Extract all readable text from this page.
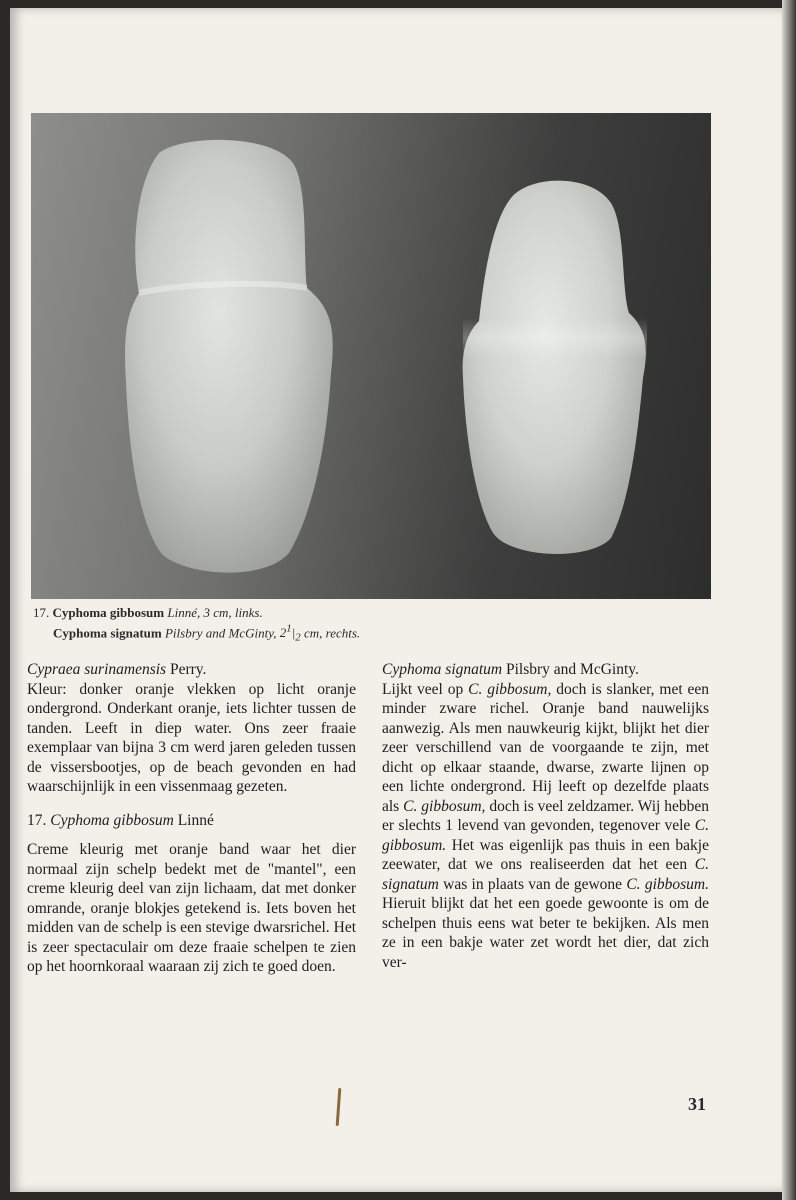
17. Cyphoma gibbosum Linné, 3 cm, links.
Cyphoma signatum Pilsbry and McGinty, $2^1|_2$ cm, rechts.

Cypraea surinamensis Perry.

Kleur: donker oranje vlekken op licht oranje ondergrond. Onderkant oranje, iets lichter tussen de tanden. Leeft in diep water. Ons zeer fraaie exemplaar van bijna 3 cm werd jaren geleden tussen de vissersbootjes, op de beach gevonden en had waarschijnlijk in een vissenmaag gezeten.

17. Cyphoma gibbosum Linné

Creme kleurig met oranje band waar het dier normaal zijn schelp bedekt met de "mantel", een creme kleurig deel van zijn lichaam, dat met donker omrande, oranje blokjes getekend is. Iets boven het midden van de schelp is een stevige dwarsrichel. Het is zeer spectaculair om deze fraaie schelpen te zien op het hoornkoraal waaraan zij zich te goed doen.

Cyphoma signatum Pilsbry and McGinty.

Lijkt veel op C. gibbosum, doch is slanker, met een minder zware richel. Oranje band nauwelijks aanwezig. Als men nauwkeurig kijkt, blijkt het dier zeer verschillend van de voorgaande te zijn, met dicht op elkaar staande, dwarse, zwarte lijnen op een lichte ondergrond. Hij leeft op dezelfde plaats als C. gibbosum, doch is veel zeldzamer. Wij hebben er slechts 1 levend van gevonden, tegenover vele C. gibbosum. Het was eigenlijk pas thuis in een bakje zeewater, dat we ons realiseerden dat het een C. signatum was in plaats van de gewone C. gibbosum. Hieruit blijkt dat het een goede gewoonte is om de schelpen thuis eens wat beter te bekijken. Als men ze in een bakje water zet wordt het dier, dat zich ver-

31
